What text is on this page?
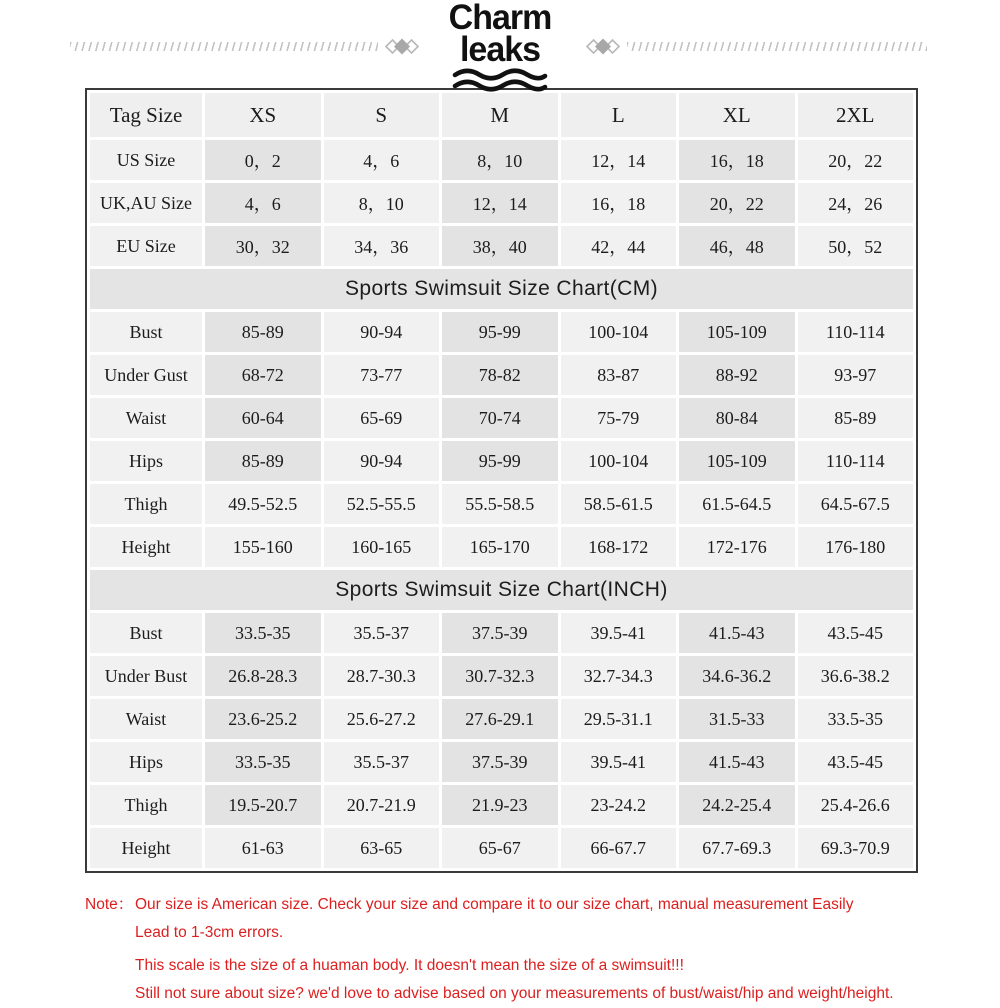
Charm
leaks
Tag Size	XS	S	M	L	XL	2XL
US Size	0，2	4，6	8，10	12，14	16，18	20，22
UK,AU Size	4，6	8，10	12，14	16，18	20，22	24，26
EU Size	30，32	34，36	38，40	42，44	46，48	50，52
Sports Swimsuit Size Chart(CM)						
Bust	85-89	90-94	95-99	100-104	105-109	110-114
Under Gust	68-72	73-77	78-82	83-87	88-92	93-97
Waist	60-64	65-69	70-74	75-79	80-84	85-89
Hips	85-89	90-94	95-99	100-104	105-109	110-114
Thigh	49.5-52.5	52.5-55.5	55.5-58.5	58.5-61.5	61.5-64.5	64.5-67.5
Height	155-160	160-165	165-170	168-172	172-176	176-180
Sports Swimsuit Size Chart(INCH)						
Bust	33.5-35	35.5-37	37.5-39	39.5-41	41.5-43	43.5-45
Under Bust	26.8-28.3	28.7-30.3	30.7-32.3	32.7-34.3	34.6-36.2	36.6-38.2
Waist	23.6-25.2	25.6-27.2	27.6-29.1	29.5-31.1	31.5-33	33.5-35
Hips	33.5-35	35.5-37	37.5-39	39.5-41	41.5-43	43.5-45
Thigh	19.5-20.7	20.7-21.9	21.9-23	23-24.2	24.2-25.4	25.4-26.6
Height	61-63	63-65	65-67	66-67.7	67.7-69.3	69.3-70.9
Note： Our size is American size. Check your size and compare it to our size chart, manual measurement Easily
Lead to 1-3cm errors.
This scale is the size of a huaman body. It doesn't mean the size of a swimsuit!!!
Still not sure about size? we'd love to advise based on your measurements of bust/waist/hip and weight/height.
